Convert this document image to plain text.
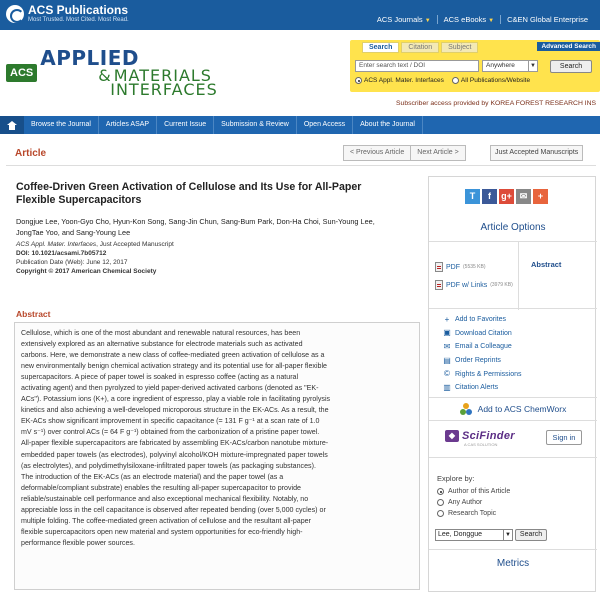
ACS Publications
Most Trusted. Most Cited. Most Read.	ACS Journals ▼	ACS eBooks ▼	C&EN Global Enterprise
ACS
APPLIED
& MATERIALS
INTERFACES
Search	Citation	Subject	Advanced Search
Enter search text / DOI	Anywhere	▼	Search
ACS Appl. Mater. Interfaces	All Publications/Website
Subscriber access provided by KOREA FOREST RESEARCH INS
Browse the Journal	Articles ASAP	Current Issue	Submission & Review	Open Access	About the Journal
Article	< Previous Article	Next Article >	Just Accepted Manuscripts
Coffee-Driven Green Activation of Cellulose and Its Use for All-Paper Flexible Supercapacitors
Dongjue Lee, Yoon-Gyo Cho, Hyun-Kon Song, Sang-Jin Chun, Sang-Bum Park, Don-Ha Choi, Sun-Young Lee, JongTae Yoo, and Sang-Young Lee
ACS Appl. Mater. Interfaces, Just Accepted Manuscript
DOI: 10.1021/acsami.7b05712
Publication Date (Web): June 12, 2017
Copyright © 2017 American Chemical Society
Abstract
Cellulose, which is one of the most abundant and renewable natural resources, has been
extensively explored as an alternative substance for electrode materials such as activated
carbons. Here, we demonstrate a new class of coffee-mediated green activation of cellulose as a
new environmentally benign chemical activation strategy and its potential use for all-paper flexible
supercapacitors. A piece of paper towel is soaked in espresso coffee (acting as a natural
activating agent) and then pyrolyzed to yield paper-derived activated carbons (denoted as "EK-
ACs"). Potassium ions (K+), a core ingredient of espresso, play a viable role in facilitating pyrolysis
kinetics and also achieving a well-developed microporous structure in the EK-ACs. As a result, the
EK-ACs show significant improvement in specific capacitance (= 131 F g⁻¹ at a scan rate of 1.0
mV s⁻¹) over control ACs (= 64 F g⁻¹) obtained from the carbonization of a pristine paper towel.
All-paper flexible supercapacitors are fabricated by assembling EK-ACs/carbon nanotube mixture-
embedded paper towels (as electrodes), polyvinyl alcohol/KOH mixture-impregnated paper towels
(as electrolytes), and polydimethylsiloxane-infiltrated paper towels (as packaging substances).
The introduction of the EK-ACs (as an electrode material) and the paper towel (as a
deformable/compliant substrate) enables the resulting all-paper supercapacitor to provide
reliable/sustainable cell performance and also exceptional mechanical flexibility. Notably, no
appreciable loss in the cell capacitance is observed after repeated bending (over 5,000 cycles) or
multiple folding. The coffee-mediated green activation of cellulose and the resultant all-paper
flexible supercapacitors open new material and system opportunities for eco-friendly high-
performance flexible power sources.
T	f	g+ ✉	+
Article Options
PDF (5535 KB)
PDF w/ Links (3979 KB)
Abstract
+ Add to Favorites
▣ Download Citation
✉ Email a Colleague
▤ Order Reprints
© Rights & Permissions
▥ Citation Alerts
Add to ACS ChemWorx
◆ SciFinder
A CAS SOLUTION
Sign in
Explore by:
Author of this Article
Any Author
Research Topic
Lee, Donggue	▼	Search
Metrics
